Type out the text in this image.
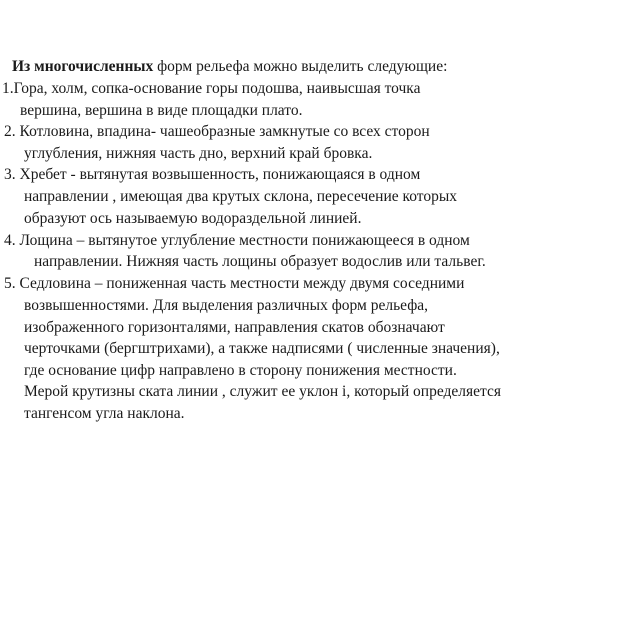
Из многочисленных форм рельефа можно выделить следующие:

1.Гора, холм, сопка-основание горы подошва, наивысшая точка

вершина, вершина в виде площадки плато.

2. Котловина, впадина- чашеобразные замкнутые со всех сторон

углубления, нижняя часть дно, верхний край бровка.

3. Хребет - вытянутая возвышенность, понижающаяся в одном

направлении , имеющая два крутых склона, пересечение которых

образуют ось называемую водораздельной линией.

4. Лощина – вытянутое углубление местности понижающееся в одном

направлении. Нижняя часть лощины образует водослив или тальвег.

5. Седловина – пониженная часть местности между двумя соседними

возвышенностями. Для выделения различных форм рельефа,

изображенного горизонталями, направления скатов обозначают

черточками (бергштрихами), а также надписями ( численные значения),

где основание цифр направлено в сторону понижения местности.

Мерой крутизны ската линии , служит ее уклон i, который определяется

тангенсом угла наклона.
